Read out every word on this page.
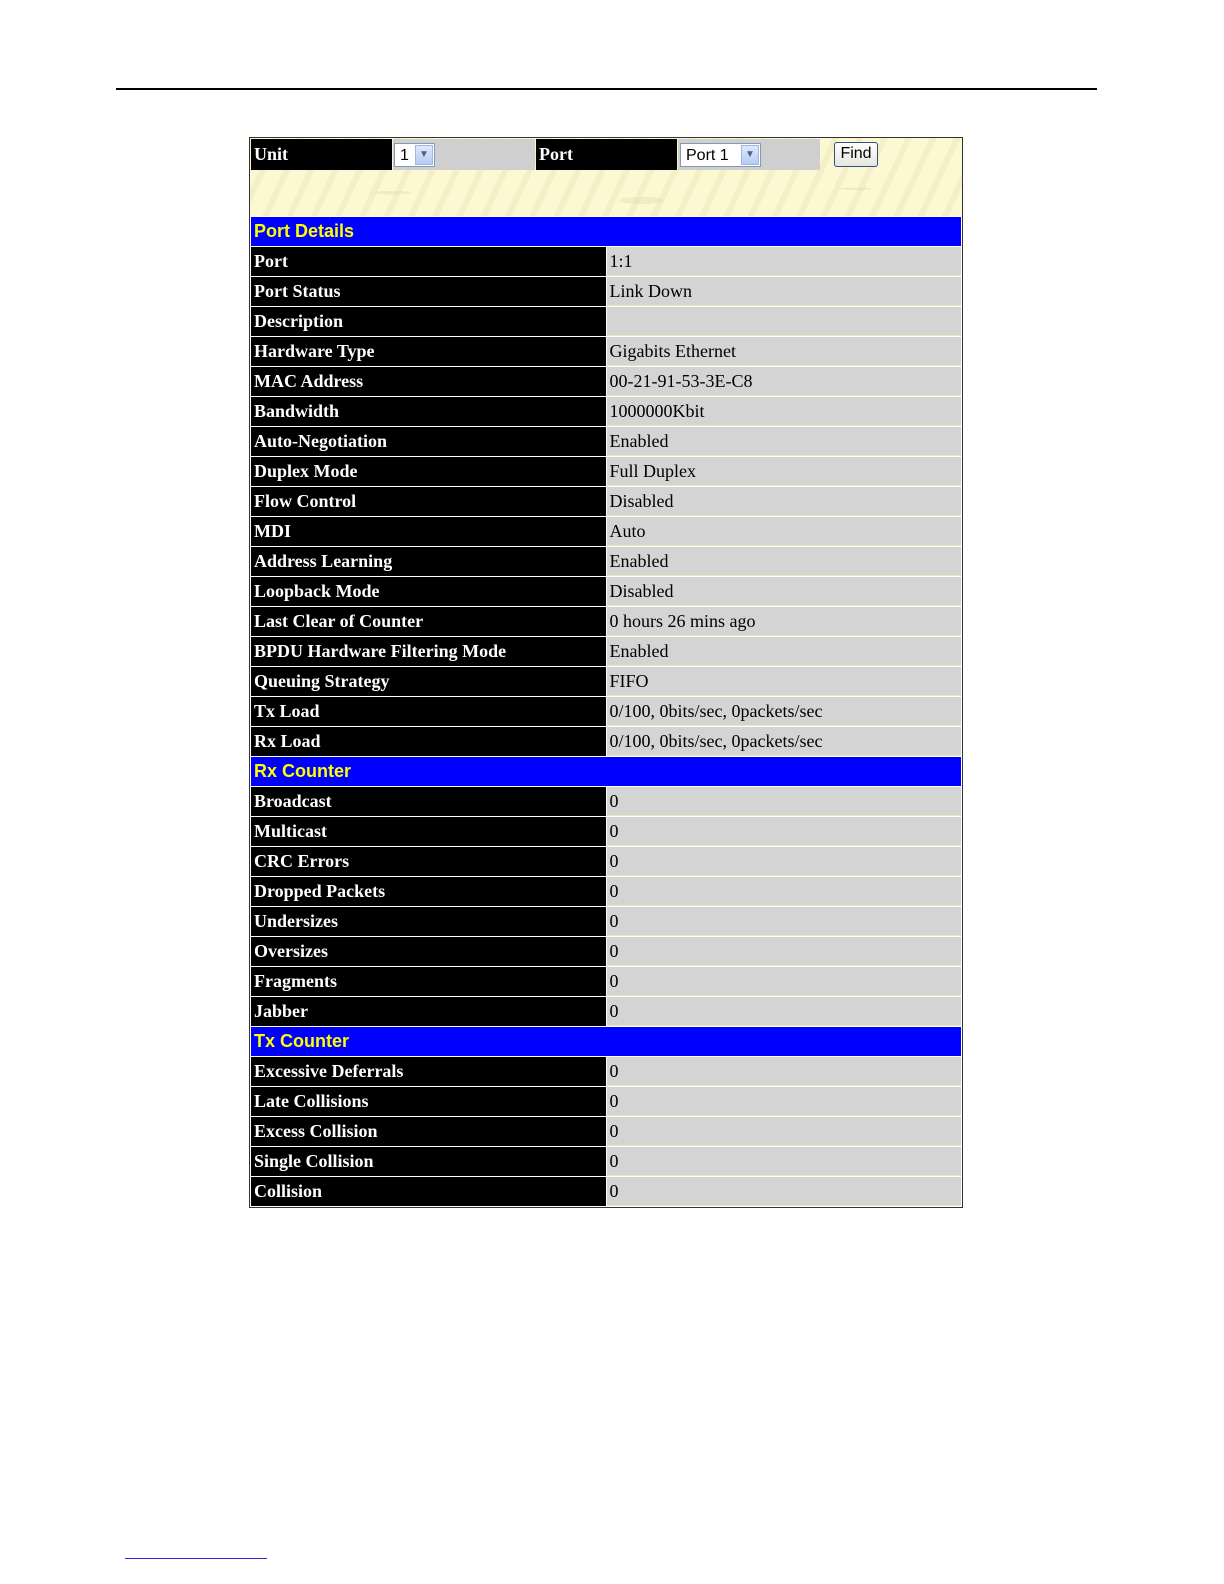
Unit	1	▼	Port	Port 1	▼	Find
Port Details	
Port	1:1
Port Status	Link Down
Description	
Hardware Type	Gigabits Ethernet
MAC Address	00-21-91-53-3E-C8
Bandwidth	1000000Kbit
Auto-Negotiation	Enabled
Duplex Mode	Full Duplex
Flow Control	Disabled
MDI	Auto
Address Learning	Enabled
Loopback Mode	Disabled
Last Clear of Counter	0 hours 26 mins ago
BPDU Hardware Filtering Mode	Enabled
Queuing Strategy	FIFO
Tx Load	0/100, 0bits/sec, 0packets/sec
Rx Load	0/100, 0bits/sec, 0packets/sec
Rx Counter	
Broadcast	0
Multicast	0
CRC Errors	0
Dropped Packets	0
Undersizes	0
Oversizes	0
Fragments	0
Jabber	0
Tx Counter	
Excessive Deferrals	0
Late Collisions	0
Excess Collision	0
Single Collision	0
Collision	0
